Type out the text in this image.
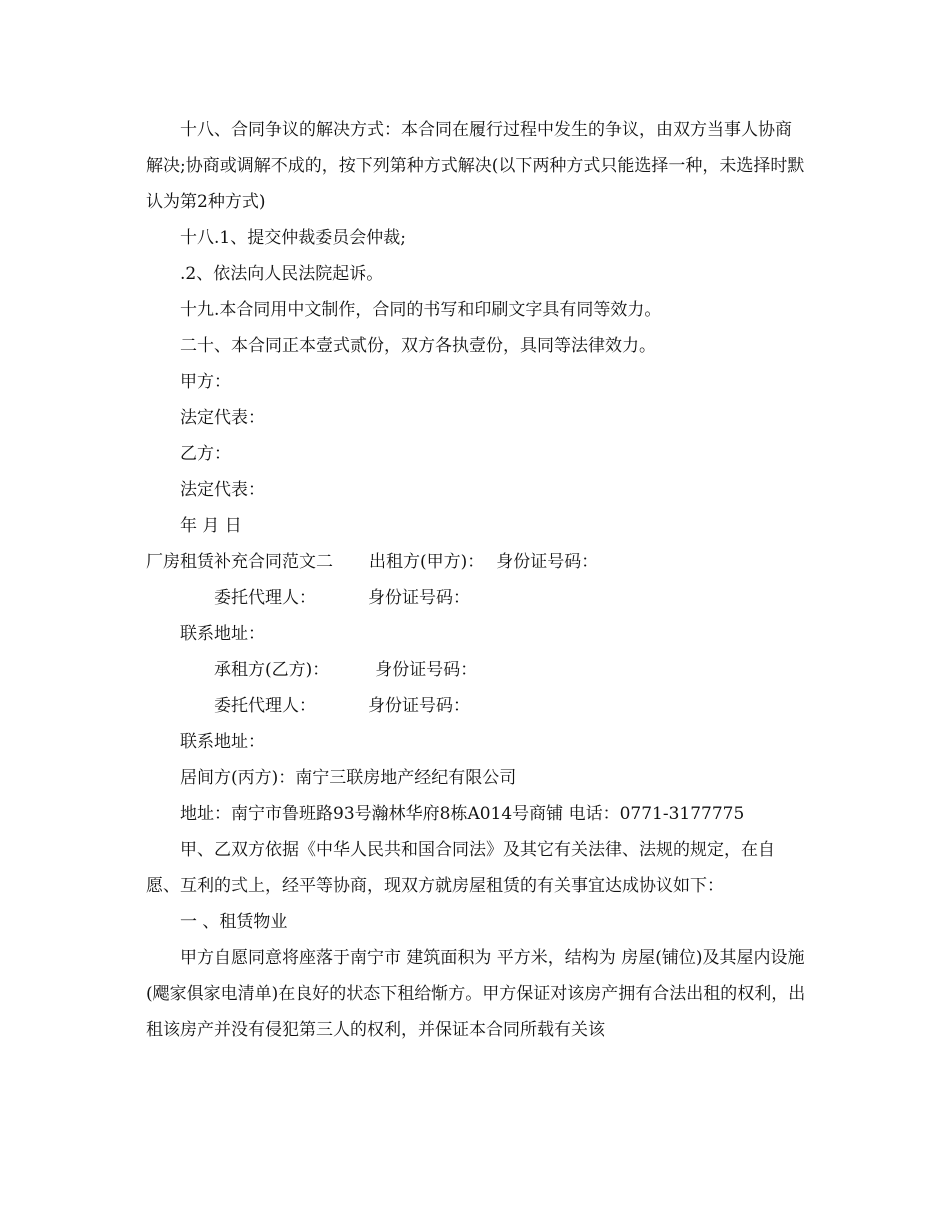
十八、合同争议的解决方式：本合同在履行过程中发生的争议，由双方当事人协商解决;协商或调解不成的，按下列第种方式解决(以下两种方式只能选择一种，未选择时默认为第2种方式)

十八.1、提交仲裁委员会仲裁;

.2、依法向人民法院起诉。

十九.本合同用中文制作，合同的书写和印刷文字具有同等效力。

二十、本合同正本壹式贰份，双方各执壹份，具同等法律效力。

甲方：

法定代表：

乙方：

法定代表：

年 月 日

厂房租赁补充合同范文二 出租方(甲方)： 身份证号码：

委托代理人：	身份证号码：

联系地址：

承租方(乙方)：	身份证号码：

委托代理人：	身份证号码：

联系地址：

居间方(丙方)：南宁三联房地产经纪有限公司

地址：南宁市鲁班路93号瀚林华府8栋A014号商铺 电话：0771-3177775

甲、乙双方依据《中华人民共和国合同法》及其它有关法律、法规的规定，在自愿、互利的弍上，经平等协商，现双方就房屋租赁的有关事宜达成协议如下：

一 、租赁物业

甲方自愿同意将座落于南宁市 建筑面积为 平方米，结构为 房屋(铺位)及其屋内设施(飔家俱家电清单)在良好的状态下租给惭方。甲方保证对该房产拥有合法出租的权利，出租该房产并没有侵犯第三人的权利，并保证本合同所载有关该
